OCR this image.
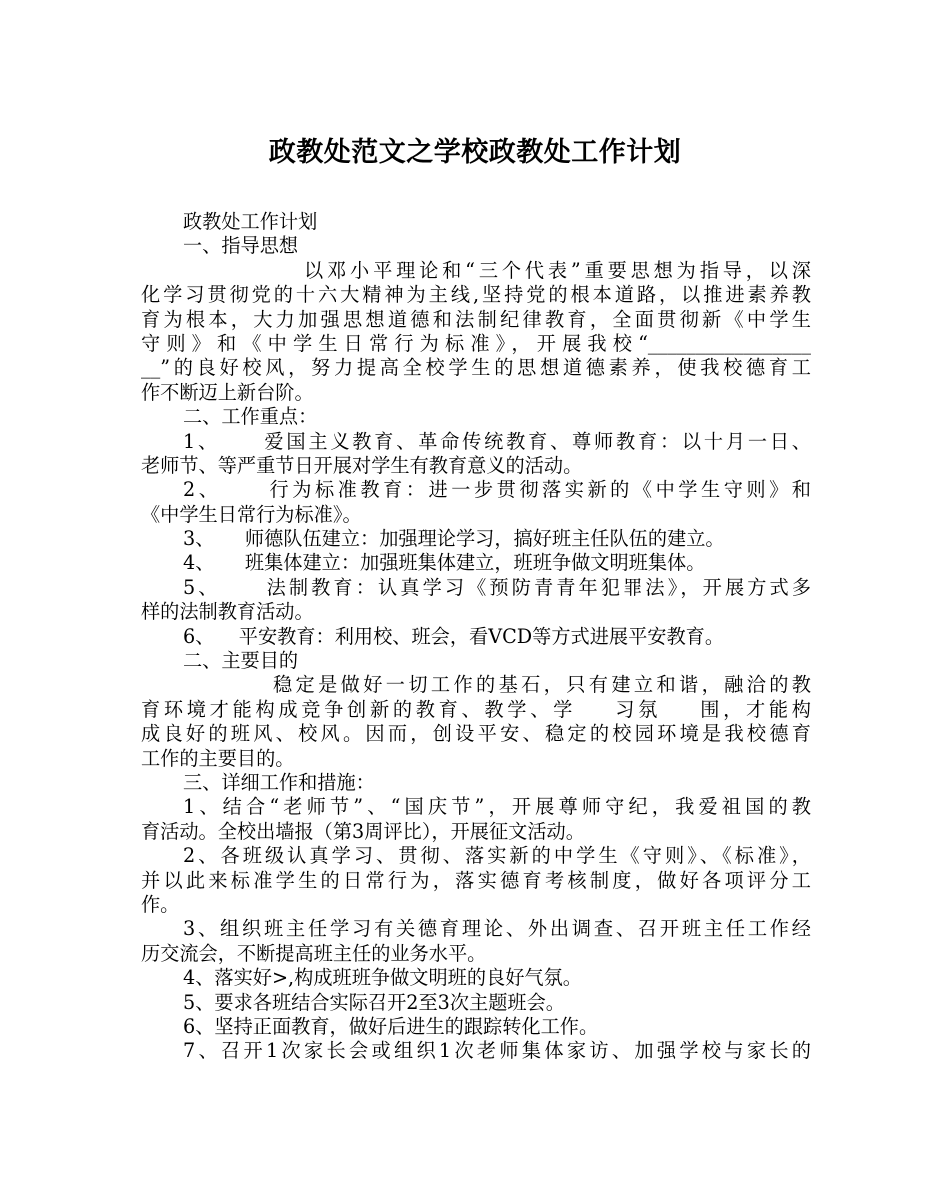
政教处范文之学校政教处工作计划
政教处工作计划
一、指导思想
以邓小平理论和“三个代表”重要思想为指导，以深
化学习贯彻党的十六大精神为主线,坚持党的根本道路，以推进素养教
育为根本，大力加强思想道德和法制纪律教育，全面贯彻新《中学生
守则》和《中学生日常行为标准》，开展我校“_________________
__”的良好校风，努力提高全校学生的思想道德素养，使我校德育工
作不断迈上新台阶。
二、工作重点：
1、     爱国主义教育、革命传统教育、尊师教育：以十月一日、
老师节、等严重节日开展对学生有教育意义的活动。
2、     行为标准教育：进一步贯彻落实新的《中学生守则》和
《中学生日常行为标准》。
3、     师德队伍建立：加强理论学习，搞好班主任队伍的建立。
4、     班集体建立：加强班集体建立，班班争做文明班集体。
5、     法制教育：认真学习《预防青青年犯罪法》，开展方式多
样的法制教育活动。
6、    平安教育：利用校、班会，看VCD等方式进展平安教育。
二、主要目的
稳定是做好一切工作的基石，只有建立和谐，融洽的教
育环境才能构成竞争创新的教育、教学、学    习氛    围，才能构
成良好的班风、校风。因而，创设平安、稳定的校园环境是我校德育
工作的主要目的。
三、详细工作和措施：
1、结合“老师节”、“国庆节”，开展尊师守纪，我爱祖国的教
育活动。全校出墙报（第3周评比），开展征文活动。
2、各班级认真学习、贯彻、落实新的中学生《守则》、《标准》，
并以此来标准学生的日常行为，落实德育考核制度，做好各项评分工
作。
3、组织班主任学习有关德育理论、外出调查、召开班主任工作经
历交流会，不断提高班主任的业务水平。
4、落实好>,构成班班争做文明班的良好气氛。
5、要求各班结合实际召开2至3次主题班会。
6、坚持正面教育，做好后进生的跟踪转化工作。
7、召开1次家长会或组织1次老师集体家访、加强学校与家长的
